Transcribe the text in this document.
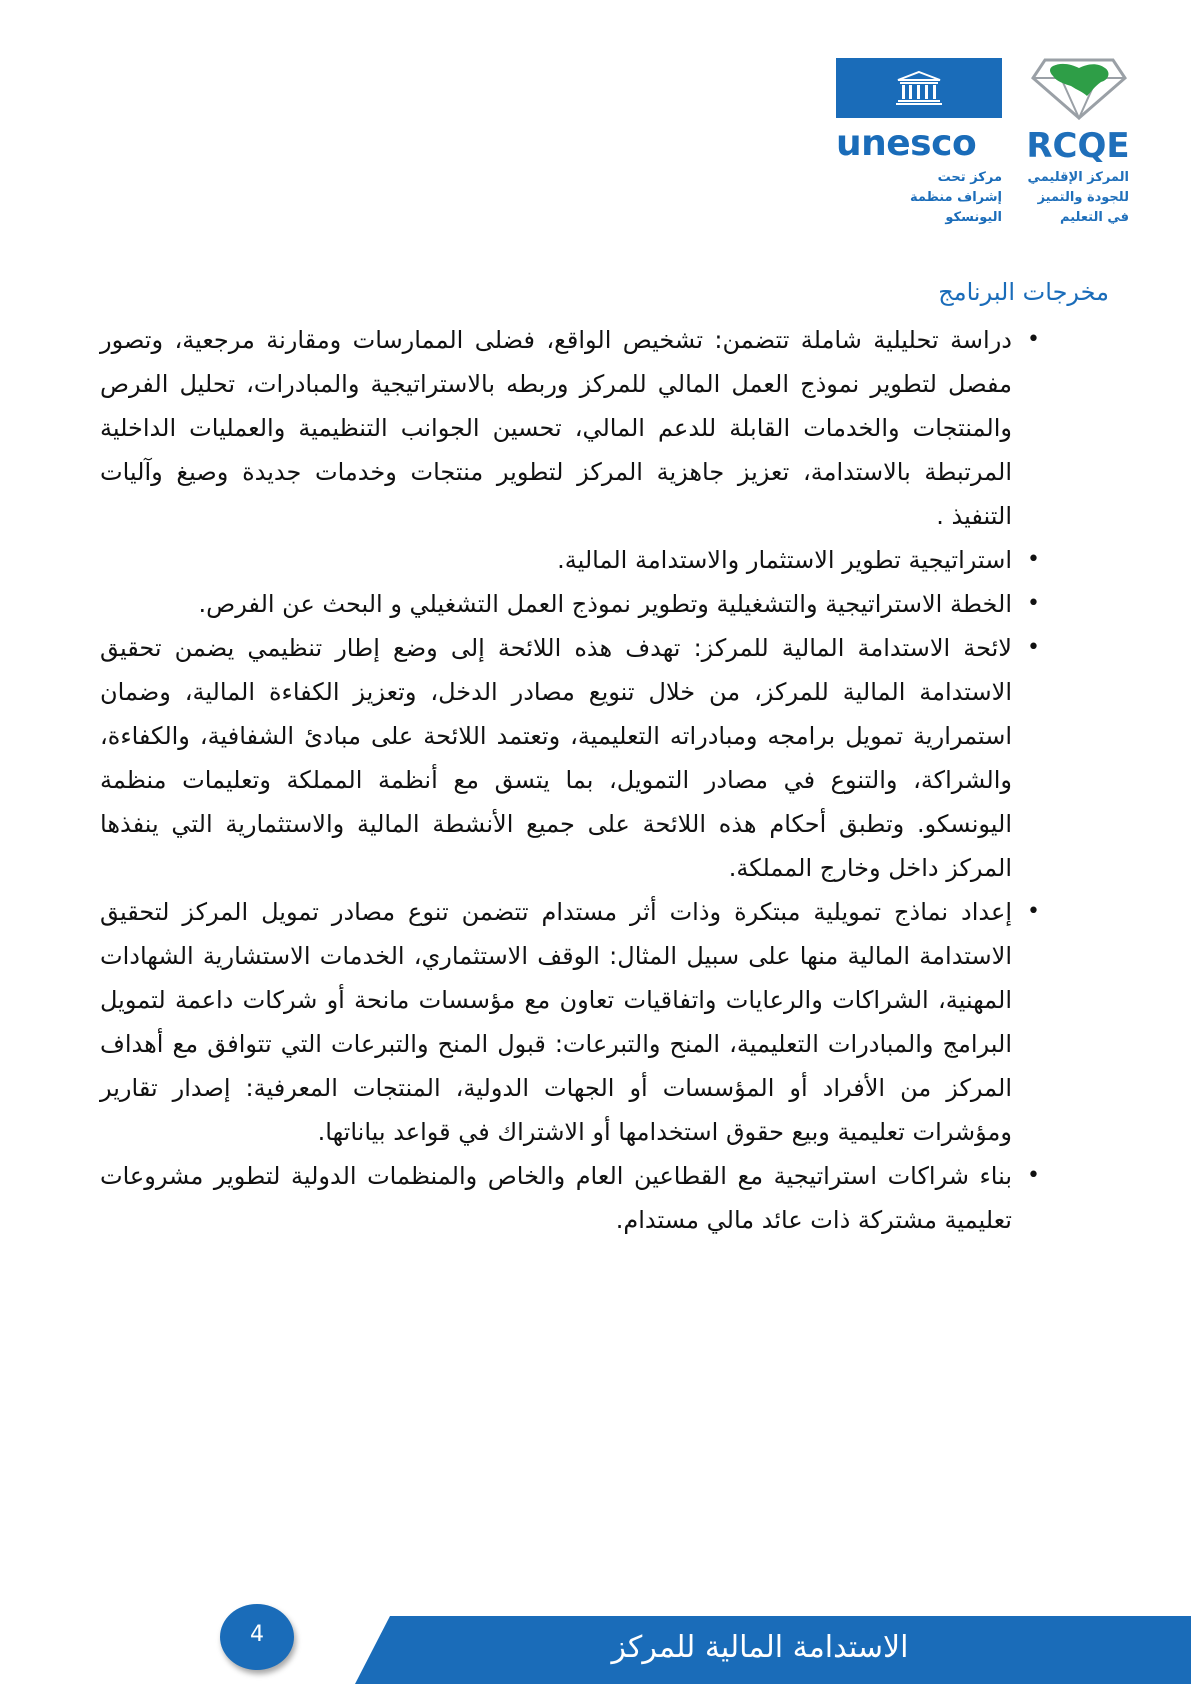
RCQE
المركز الإقليمي
للجودة والتميز
في التعليم
unesco
مركز تحت
إشراف منظمة
اليونسكو
مخرجات البرنامج
• دراسة تحليلية شاملة تتضمن: تشخيص الواقع، فضلى الممارسات ومقارنة مرجعية، وتصور مفصل لتطوير نموذج العمل المالي للمركز وربطه بالاستراتيجية والمبادرات، تحليل الفرص والمنتجات والخدمات القابلة للدعم المالي، تحسين الجوانب التنظيمية والعمليات الداخلية المرتبطة بالاستدامة، تعزيز جاهزية المركز لتطوير منتجات وخدمات جديدة وصيغ وآليات التنفيذ .
• استراتيجية تطوير الاستثمار والاستدامة المالية.
• الخطة الاستراتيجية والتشغيلية وتطوير نموذج العمل التشغيلي و البحث عن الفرص.
• لائحة الاستدامة المالية للمركز: تهدف هذه اللائحة إلى وضع إطار تنظيمي يضمن تحقيق الاستدامة المالية للمركز، من خلال تنويع مصادر الدخل، وتعزيز الكفاءة المالية، وضمان استمرارية تمويل برامجه ومبادراته التعليمية، وتعتمد اللائحة على مبادئ الشفافية، والكفاءة، والشراكة، والتنوع في مصادر التمويل، بما يتسق مع أنظمة المملكة وتعليمات منظمة اليونسكو. وتطبق أحكام هذه اللائحة على جميع الأنشطة المالية والاستثمارية التي ينفذها المركز داخل وخارج المملكة.
• إعداد نماذج تمويلية مبتكرة وذات أثر مستدام تتضمن تنوع مصادر تمويل المركز لتحقيق الاستدامة المالية منها على سبيل المثال: الوقف الاستثماري، الخدمات الاستشارية الشهادات المهنية، الشراكات والرعايات واتفاقيات تعاون مع مؤسسات مانحة أو شركات داعمة لتمويل البرامج والمبادرات التعليمية، المنح والتبرعات: قبول المنح والتبرعات التي تتوافق مع أهداف المركز من الأفراد أو المؤسسات أو الجهات الدولية، المنتجات المعرفية: إصدار تقارير ومؤشرات تعليمية وبيع حقوق استخدامها أو الاشتراك في قواعد بياناتها.
• بناء شراكات استراتيجية مع القطاعين العام والخاص والمنظمات الدولية لتطوير مشروعات تعليمية مشتركة ذات عائد مالي مستدام.
الاستدامة المالية للمركز
4
